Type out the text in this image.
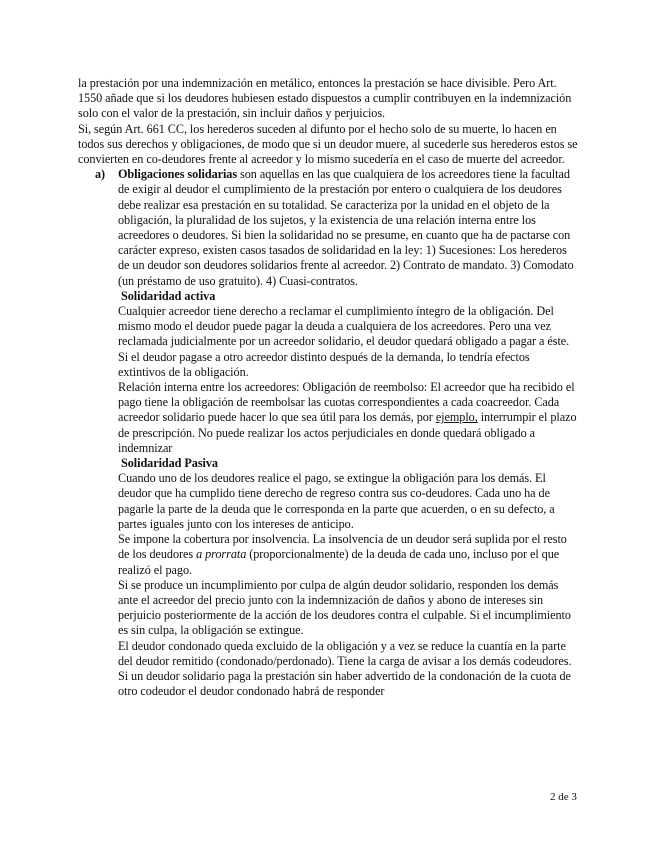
la prestación por una indemnización en metálico, entonces la prestación se hace divisible. Pero Art. 1550 añade que si los deudores hubiesen estado dispuestos a cumplir contribuyen en la indemnización solo con el valor de la prestación, sin incluir daños y perjuicios.

Si, según Art. 661 CC, los herederos suceden al difunto por el hecho solo de su muerte, lo hacen en todos sus derechos y obligaciones, de modo que si un deudor muere, al sucederle sus herederos estos se convierten en co-deudores frente al acreedor y lo mismo sucedería en el caso de muerte del acreedor.

a) Obligaciones solidarias son aquellas en las que cualquiera de los acreedores tiene la facultad de exigir al deudor el cumplimiento de la prestación por entero o cualquiera de los deudores debe realizar esa prestación en su totalidad. Se caracteriza por la unidad en el objeto de la obligación, la pluralidad de los sujetos, y la existencia de una relación interna entre los acreedores o deudores. Si bien la solidaridad no se presume, en cuanto que ha de pactarse con carácter expreso, existen casos tasados de solidaridad en la ley: 1) Sucesiones: Los herederos de un deudor son deudores solidarios frente al acreedor. 2) Contrato de mandato. 3) Comodato (un préstamo de uso gratuito). 4) Cuasi-contratos.

Solidaridad activa

Cualquier acreedor tiene derecho a reclamar el cumplimiento íntegro de la obligación. Del mismo modo el deudor puede pagar la deuda a cualquiera de los acreedores. Pero una vez reclamada judicialmente por un acreedor solidario, el deudor quedará obligado a pagar a éste. Si el deudor pagase a otro acreedor distinto después de la demanda, lo tendría efectos extintivos de la obligación.

Relación interna entre los acreedores: Obligación de reembolso: El acreedor que ha recibido el pago tiene la obligación de reembolsar las cuotas correspondientes a cada coacreedor. Cada acreedor solidario puede hacer lo que sea útil para los demás, por ejemplo, interrumpir el plazo de prescripción. No puede realizar los actos perjudiciales en donde quedará obligado a indemnizar

Solidaridad Pasiva

Cuando uno de los deudores realice el pago, se extingue la obligación para los demás. El deudor que ha cumplido tiene derecho de regreso contra sus co-deudores. Cada uno ha de pagarle la parte de la deuda que le corresponda en la parte que acuerden, o en su defecto, a partes iguales junto con los intereses de anticipo.

Se impone la cobertura por insolvencia. La insolvencia de un deudor será suplida por el resto de los deudores a prorrata (proporcionalmente) de la deuda de cada uno, incluso por el que realizó el pago.

Si se produce un incumplimiento por culpa de algún deudor solidario, responden los demás ante el acreedor del precio junto con la indemnización de daños y abono de intereses sin perjuicio posteriormente de la acción de los deudores contra el culpable. Si el incumplimiento es sin culpa, la obligación se extingue.

El deudor condonado queda excluido de la obligación y a vez se reduce la cuantía en la parte del deudor remitido (condonado/perdonado). Tiene la carga de avisar a los demás codeudores. Si un deudor solidario paga la prestación sin haber advertido de la condonación de la cuota de otro codeudor el deudor condonado habrá de responder

2 de 3
